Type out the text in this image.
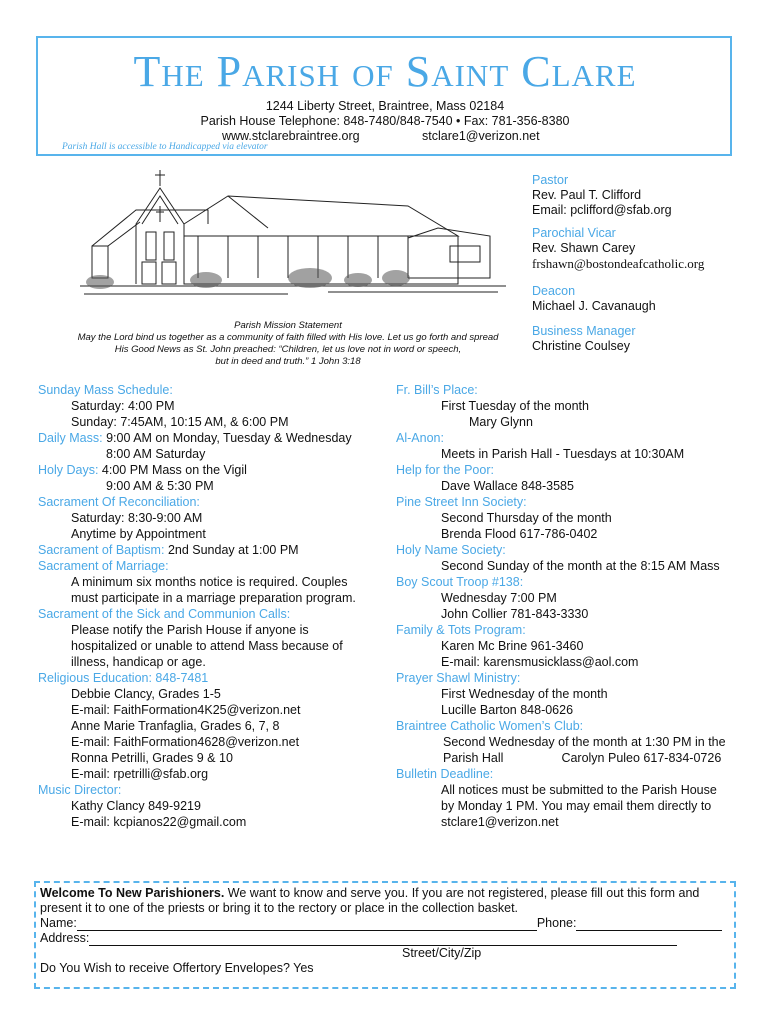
The Parish of Saint Clare
1244 Liberty Street, Braintree, Mass 02184
Parish House Telephone: 848-7480/848-7540 • Fax: 781-356-8380
www.stclarebraintree.org	stclare1@verizon.net
Parish Hall is accessible to Handicapped via elevator
Pastor
Rev. Paul T. Clifford
Email: pclifford@sfab.org
Parochial Vicar
Rev. Shawn Carey
frshawn@bostondeafcatholic.org
Deacon
Michael J. Cavanaugh
Business Manager
Christine Coulsey
Parish Mission Statement
May the Lord bind us together as a community of faith filled with His love. Let us go forth and spread
His Good News as St. John preached: “Children, let us love not in word or speech,
but in deed and truth.” 1 John 3:18
Sunday Mass Schedule:
Saturday: 4:00 PM
Sunday: 7:45AM, 10:15 AM, & 6:00 PM
Daily Mass: 9:00 AM on Monday, Tuesday & Wednesday
8:00 AM Saturday
Holy Days: 4:00 PM Mass on the Vigil
9:00 AM & 5:30 PM
Sacrament Of Reconciliation:
Saturday: 8:30-9:00 AM
Anytime by Appointment
Sacrament of Baptism: 2nd Sunday at 1:00 PM
Sacrament of Marriage:
A minimum six months notice is required. Couples
must participate in a marriage preparation program.
Sacrament of the Sick and Communion Calls:
Please notify the Parish House if anyone is
hospitalized or unable to attend Mass because of
illness, handicap or age.
Religious Education: 848-7481
Debbie Clancy, Grades 1-5
E-mail: FaithFormation4K25@verizon.net
Anne Marie Tranfaglia, Grades 6, 7, 8
E-mail: FaithFormation4628@verizon.net
Ronna Petrilli, Grades 9 & 10
E-mail: rpetrilli@sfab.org
Music Director:
Kathy Clancy 849-9219
E-mail: kcpianos22@gmail.com
Fr. Bill’s Place:
First Tuesday of the month
Mary Glynn
Al-Anon:
Meets in Parish Hall - Tuesdays at 10:30AM
Help for the Poor:
Dave Wallace 848-3585
Pine Street Inn Society:
Second Thursday of the month
Brenda Flood 617-786-0402
Holy Name Society:
Second Sunday of the month at the 8:15 AM Mass
Boy Scout Troop #138:
Wednesday 7:00 PM
John Collier 781-843-3330
Family & Tots Program:
Karen Mc Brine 961-3460
E-mail: karensmusicklass@aol.com
Prayer Shawl Ministry:
First Wednesday of the month
Lucille Barton 848-0626
Braintree Catholic Women’s Club:
Second Wednesday of the month at 1:30 PM in the
Parish Hall	Carolyn Puleo 617-834-0726
Bulletin Deadline:
All notices must be submitted to the Parish House
by Monday 1 PM. You may email them directly to
stclare1@verizon.net
Welcome To New Parishioners. We want to know and serve you. If you are not registered, please fill out this form and
present it to one of the priests or bring it to the rectory or place in the collection basket.
Name:	Phone:
Address:
Street/City/Zip
Do You Wish to receive Offertory Envelopes? Yes
